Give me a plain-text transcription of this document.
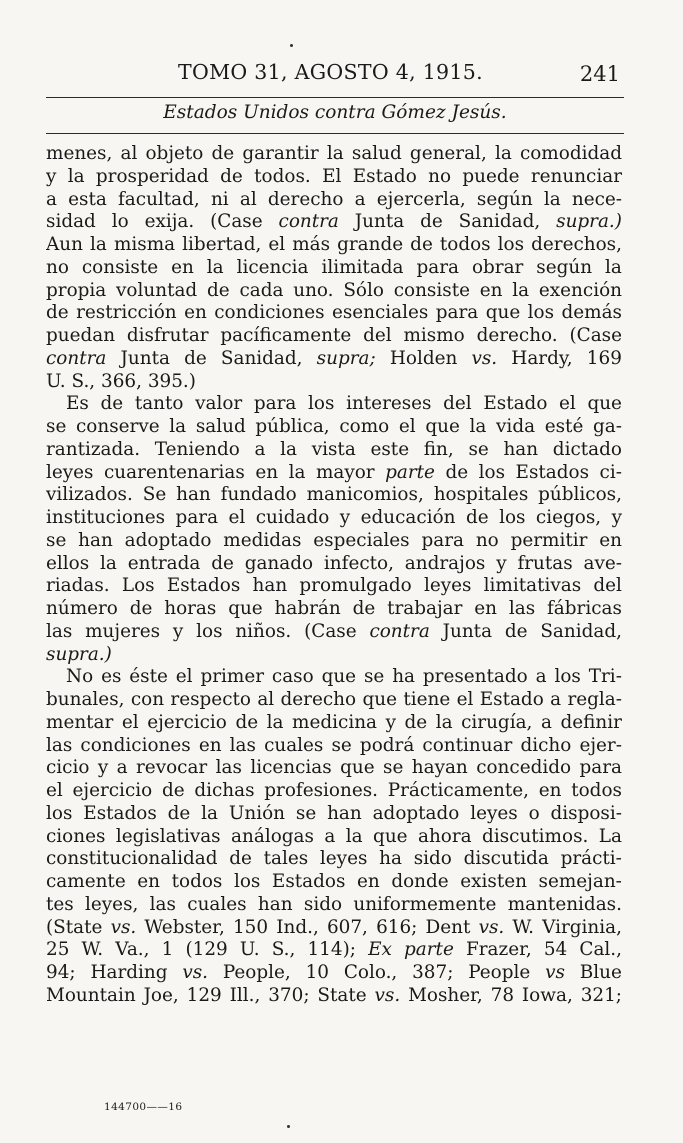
TOMO 31, AGOSTO 4, 1915.	241
Estados Unidos contra Gómez Jesús.
menes, al objeto de garantir la salud general, la comodidad
y la prosperidad de todos. El Estado no puede renunciar
a esta facultad, ni al derecho a ejercerla, según la nece-
sidad lo exija. (Case contra Junta de Sanidad, supra.)
Aun la misma libertad, el más grande de todos los derechos,
no consiste en la licencia ilimitada para obrar según la
propia voluntad de cada uno. Sólo consiste en la exención
de restricción en condiciones esenciales para que los demás
puedan disfrutar pacíficamente del mismo derecho. (Case
contra Junta de Sanidad, supra; Holden vs. Hardy, 169
U. S., 366, 395.)
Es de tanto valor para los intereses del Estado el que
se conserve la salud pública, como el que la vida esté ga-
rantizada. Teniendo a la vista este fin, se han dictado
leyes cuarentenarias en la mayor parte de los Estados ci-
vilizados. Se han fundado manicomios, hospitales públicos,
instituciones para el cuidado y educación de los ciegos, y
se han adoptado medidas especiales para no permitir en
ellos la entrada de ganado infecto, andrajos y frutas ave-
riadas. Los Estados han promulgado leyes limitativas del
número de horas que habrán de trabajar en las fábricas
las mujeres y los niños. (Case contra Junta de Sanidad,
supra.)
No es éste el primer caso que se ha presentado a los Tri-
bunales, con respecto al derecho que tiene el Estado a regla-
mentar el ejercicio de la medicina y de la cirugía, a definir
las condiciones en las cuales se podrá continuar dicho ejer-
cicio y a revocar las licencias que se hayan concedido para
el ejercicio de dichas profesiones. Prácticamente, en todos
los Estados de la Unión se han adoptado leyes o disposi-
ciones legislativas análogas a la que ahora discutimos. La
constitucionalidad de tales leyes ha sido discutida prácti-
camente en todos los Estados en donde existen semejan-
tes leyes, las cuales han sido uniformemente mantenidas.
(State vs. Webster, 150 Ind., 607, 616; Dent vs. W. Virginia,
25 W. Va., 1 (129 U. S., 114); Ex parte Frazer, 54 Cal.,
94; Harding vs. People, 10 Colo., 387; People vs Blue
Mountain Joe, 129 Ill., 370; State vs. Mosher, 78 Iowa, 321;
144700——16
